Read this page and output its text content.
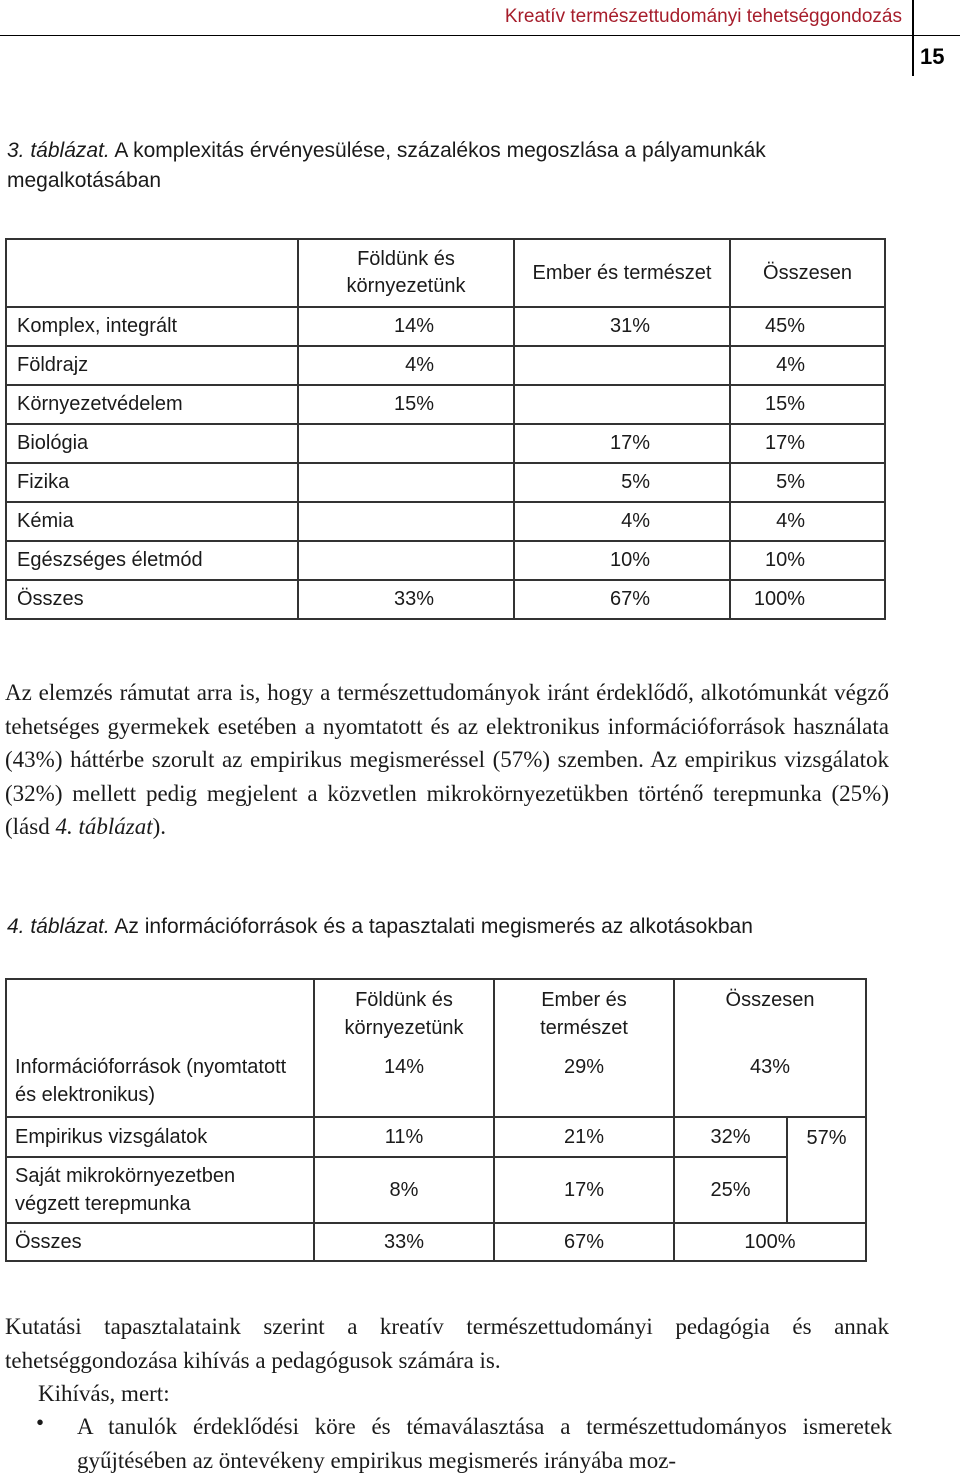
Kreatív természettudományi tehetséggondozás
15
3. táblázat. A komplexitás érvényesülése, százalékos megoszlása a pályamunkák megalkotásában
	Földünk és környezetünk	Ember és természet	Összesen
Komplex, integrált	14%	31%	45%
Földrajz	4%		4%
Környezetvédelem	15%		15%
Biológia		17%	17%
Fizika		5%	5%
Kémia		4%	4%
Egészséges életmód		10%	10%
Összes	33%	67%	100%
Az elemzés rámutat arra is, hogy a természettudományok iránt érdeklődő, alkotómunkát végző tehetséges gyermekek esetében a nyomtatott és az elektronikus információforrások használata (43%) háttérbe szorult az empirikus megismeréssel (57%) szemben. Az empirikus vizsgálatok (32%) mellett pedig megjelent a közvetlen mikrokörnyezetükben történő terepmunka (25%) (lásd 4. táblázat).
4. táblázat. Az információforrások és a tapasztalati megismerés az alkotásokban
	Földünk és környezetünk	Ember és természet	Összesen	
Információforrások (nyomtatott és elektronikus)	14%	29%	43%	
Empirikus vizsgálatok	11%	21%	32%	57%
Saját mikrokörnyezetben végzett terepmunka	8%	17%	25%	
Összes	33%	67%	100%	
Kutatási tapasztalataink szerint a kreatív természettudományi pedagógia és annak tehetséggondozása kihívás a pedagógusok számára is.
Kihívás, mert:
• A tanulók érdeklődési köre és témaválasztása a természettudományos ismeretek gyűjtésében az öntevékeny empirikus megismerés irányába moz-
